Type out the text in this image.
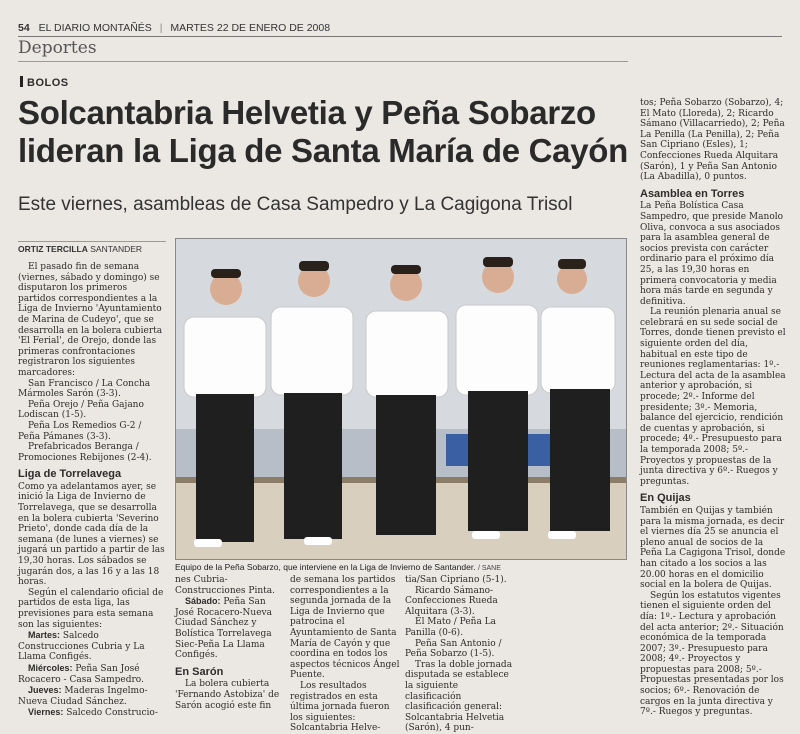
54 EL DIARIO MONTAÑÉS | MARTES 22 DE ENERO DE 2008
Deportes
BOLOS
Solcantabria Helvetia y Peña Sobarzo
lideran la Liga de Santa María de Cayón
Este viernes, asambleas de Casa Sampedro y La Cagigona Trisol
ORTIZ TERCILLA SANTANDER

El pasado fin de semana (viernes, sábado y domingo) se disputaron los primeros partidos correspondientes a la Liga de Invierno 'Ayuntamiento de Marina de Cudeyo', que se desarrolla en la bolera cubierta 'El Ferial', de Orejo, donde las primeras confrontaciones registraron los siguientes marcadores:

San Francisco / La Concha Mármoles Sarón (3-3).

Peña Orejo / Peña Gajano Lodiscan (1-5).

Peña Los Remedios G-2 / Peña Pámanes (3-3).

Prefabricados Beranga / Promociones Rebijones (2-4).

Liga de Torrelavega

Como ya adelantamos ayer, se inició la Liga de Invierno de Torrelavega, que se desarrolla en la bolera cubierta 'Severino Prieto', donde cada día de la semana (de lunes a viernes) se jugará un partido a partir de las 19,30 horas. Los sábados se jugarán dos, a las 16 y a las 18 horas.

Según el calendario oficial de partidos de esta liga, las previsiones para esta semana son las siguientes:

Martes: Salcedo Construcciones Cubria y La Llama Configés.

Miércoles: Peña San José Rocacero - Casa Sampedro.

Jueves: Maderas Ingelmo-Nueva Ciudad Sánchez.

Viernes: Salcedo Construcio-

Equipo de la Peña Sobarzo, que interviene en la Liga de Invierno de Santander. / SANE

nes Cubria-Construcciones Pinta.

Sábado: Peña San José Rocacero-Nueva Ciudad Sánchez y Bolística Torrelavega Siec-Peña La Llama Configés.

En Sarón

La bolera cubierta 'Fernando Astobiza' de Sarón acogió este fin

de semana los partidos correspondientes a la segunda jornada de la Liga de Invierno que patrocina el Ayuntamiento de Santa María de Cayón y que coordina en todos los aspectos técnicos Ángel Puente.

Los resultados registrados en esta última jornada fueron los siguientes: Solcantabria Helve-

tia/San Cipriano (5-1).

Ricardo Sámano-Confecciones Rueda Alquitara (3-3).

El Mato / Peña La Panilla (0-6).

Peña San Antonio / Peña Sobarzo (1-5).

Tras la doble jornada disputada se establece la siguiente clasificación clasificación general: Solcantabria Helvetia (Sarón), 4 pun-

tos; Peña Sobarzo (Sobarzo), 4; El Mato (Lloreda), 2; Ricardo Sámano (Villacarriedo), 2; Peña La Penilla (La Penilla), 2; Peña San Cipriano (Esles), 1; Confecciones Rueda Alquitara (Sarón), 1 y Peña San Antonio (La Abadilla), 0 puntos.

Asamblea en Torres

La Peña Bolística Casa Sampedro, que preside Manolo Oliva, convoca a sus asociados para la asamblea general de socios prevista con carácter ordinario para el próximo día 25, a las 19,30 horas en primera convocatoria y media hora más tarde en segunda y definitiva.

La reunión plenaria anual se celebrará en su sede social de Torres, donde tienen previsto el siguiente orden del día, habitual en este tipo de reuniones reglamentarias: 1º.- Lectura del acta de la asamblea anterior y aprobación, si procede; 2º.- Informe del presidente; 3º.- Memoria, balance del ejercicio, rendición de cuentas y aprobación, si procede; 4º.- Presupuesto para la temporada 2008; 5º.- Proyectos y propuestas de la junta directiva y 6º.- Ruegos y preguntas.

En Quijas

También en Quijas y también para la misma jornada, es decir el viernes día 25 se anuncia el pleno anual de socios de la Peña La Cagigona Trisol, donde han citado a los socios a las 20.00 horas en el domicilio social en la bolera de Quijas.

Según los estatutos vigentes tienen el siguiente orden del día: 1º.- Lectura y aprobación del acta anterior; 2º.- Situación económica de la temporada 2007; 3º.- Presupuesto para 2008; 4º.- Proyectos y propuestas para 2008; 5º.- Propuestas presentadas por los socios; 6º.- Renovación de cargos en la junta directiva y 7º.- Ruegos y preguntas.
